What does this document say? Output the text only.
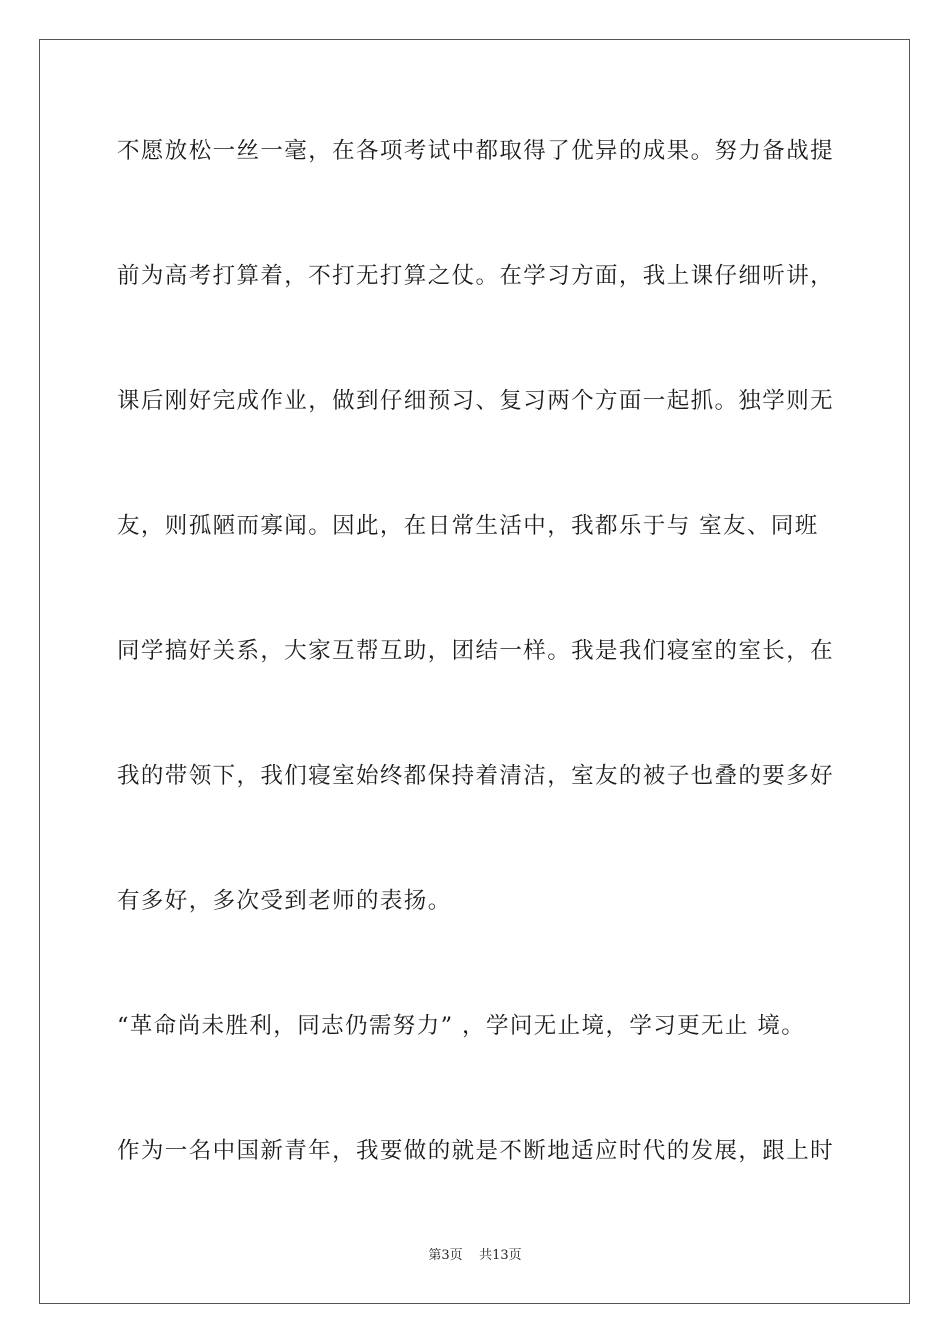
不愿放松一丝一毫，在各项考试中都取得了优异的成果。努力备战提
前为高考打算着，不打无打算之仗。在学习方面，我上课仔细听讲，
课后刚好完成作业，做到仔细预习、复习两个方面一起抓。独学则无
友，则孤陋而寡闻。因此，在日常生活中，我都乐于与 室友、同班
同学搞好关系，大家互帮互助，团结一样。我是我们寝室的室长，在
我的带领下，我们寝室始终都保持着清洁，室友的被子也叠的要多好
有多好，多次受到老师的表扬。
“革命尚未胜利，同志仍需努力” ，学问无止境，学习更无止 境。
作为一名中国新青年，我要做的就是不断地适应时代的发展，跟上时
第3页 共13页
